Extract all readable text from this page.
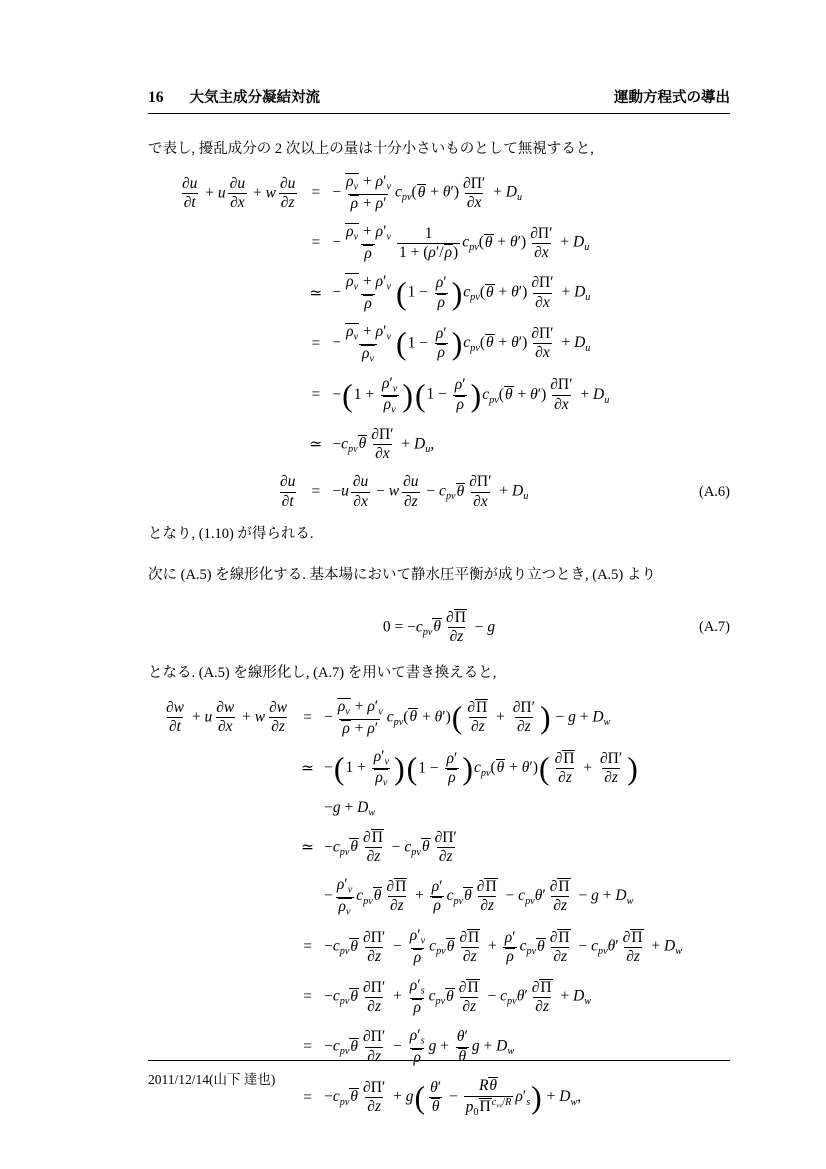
16 大気主成分凝結対流	運動方程式の導出

で表し, 擾乱成分の 2 次以上の量は十分小さいものとして無視すると,

$\frac{\partial u}{\partial t} + u \frac{\partial u}{\partial x} + w \frac{\partial u}{\partial z}$ = − $\frac{\rho_v + \rho'_v}{\rho + \rho'} c_{pv}(\theta + \theta') \frac{\partial\Pi'}{\partial x} + D_u$
= − $\frac{\rho_v + \rho'_v}{\rho} \frac{1}{1 + (\rho'/\rho)} c_{pv}(\theta + \theta') \frac{\partial\Pi'}{\partial x} + D_u$
≃ − $\frac{\rho_v + \rho'_v}{\rho}$ ( $1 - \frac{\rho'}{\rho}$ ) $c_{pv}(\theta + \theta') \frac{\partial\Pi'}{\partial x} + D_u$
= − $\frac{\rho_v + \rho'_v}{\rho_v}$ ( $1 - \frac{\rho'}{\rho}$ ) $c_{pv}(\theta + \theta') \frac{\partial\Pi'}{\partial x} + D_u$
= − ( $1 + \frac{\rho'_v}{\rho_v}$ ) ( $1 - \frac{\rho'}{\rho}$ ) $c_{pv}(\theta + \theta') \frac{\partial\Pi'}{\partial x} + D_u$
≃ $-c_{pv}\theta \frac{\partial\Pi'}{\partial x} + D_u$,
$\frac{\partial u}{\partial t} = -u \frac{\partial u}{\partial x} - w \frac{\partial u}{\partial z} - c_{pv}\theta \frac{\partial\Pi'}{\partial x} + D_u$	(A.6)

となり, (1.10) が得られる.

次に (A.5) を線形化する. 基本場において静水圧平衡が成り立つとき, (A.5) より

$0 = -c_{pv}\theta \frac{\partial\Pi}{\partial z} - g$	(A.7)

となる. (A.5) を線形化し, (A.7) を用いて書き換えると,

$\frac{\partial w}{\partial t} + u \frac{\partial w}{\partial x} + w \frac{\partial w}{\partial z}$ = − $\frac{\rho_v + \rho'_v}{\rho + \rho'} c_{pv}(\theta + \theta')$ ( $\frac{\partial\Pi}{\partial z} + \frac{\partial\Pi'}{\partial z}$ ) − $g + D_w$
≃ − ( $1 + \frac{\rho'_v}{\rho_v}$ ) ( $1 - \frac{\rho'}{\rho}$ ) $c_{pv}(\theta + \theta')$ ( $\frac{\partial\Pi}{\partial z} + \frac{\partial\Pi'}{\partial z}$ )
$-g + D_w$
≃ $-c_{pv}\theta \frac{\partial\Pi}{\partial z} - c_{pv}\theta \frac{\partial\Pi'}{\partial z}$
− $\frac{\rho'_v}{\rho_v} c_{pv}\theta \frac{\partial\Pi}{\partial z} + \frac{\rho'}{\rho} c_{pv}\theta \frac{\partial\Pi}{\partial z} - c_{pv}\theta' \frac{\partial\Pi}{\partial z} - g + D_w$
= $-c_{pv}\theta \frac{\partial\Pi'}{\partial z} - \frac{\rho'_v}{\rho} c_{pv}\theta \frac{\partial\Pi}{\partial z} + \frac{\rho'}{\rho} c_{pv}\theta \frac{\partial\Pi}{\partial z} - c_{pv}\theta' \frac{\partial\Pi}{\partial z} + D_w$
= $-c_{pv}\theta \frac{\partial\Pi'}{\partial z} + \frac{\rho'_s}{\rho} c_{pv}\theta \frac{\partial\Pi}{\partial z} - c_{pv}\theta' \frac{\partial\Pi}{\partial z} + D_w$
= $-c_{pv}\theta \frac{\partial\Pi'}{\partial z} - \frac{\rho'_s}{\rho}$ $g + \frac{\theta'}{\theta}$ $g + D_w$
= $-c_{pv}\theta \frac{\partial\Pi'}{\partial z} + g$ ( $\frac{\theta'}{\theta}$ −
Rθ
$p_0\Pi^{c_{vv}/R}$ $\rho'_s$ ) + $D_w$,
2011/12/14(山下 達也)
